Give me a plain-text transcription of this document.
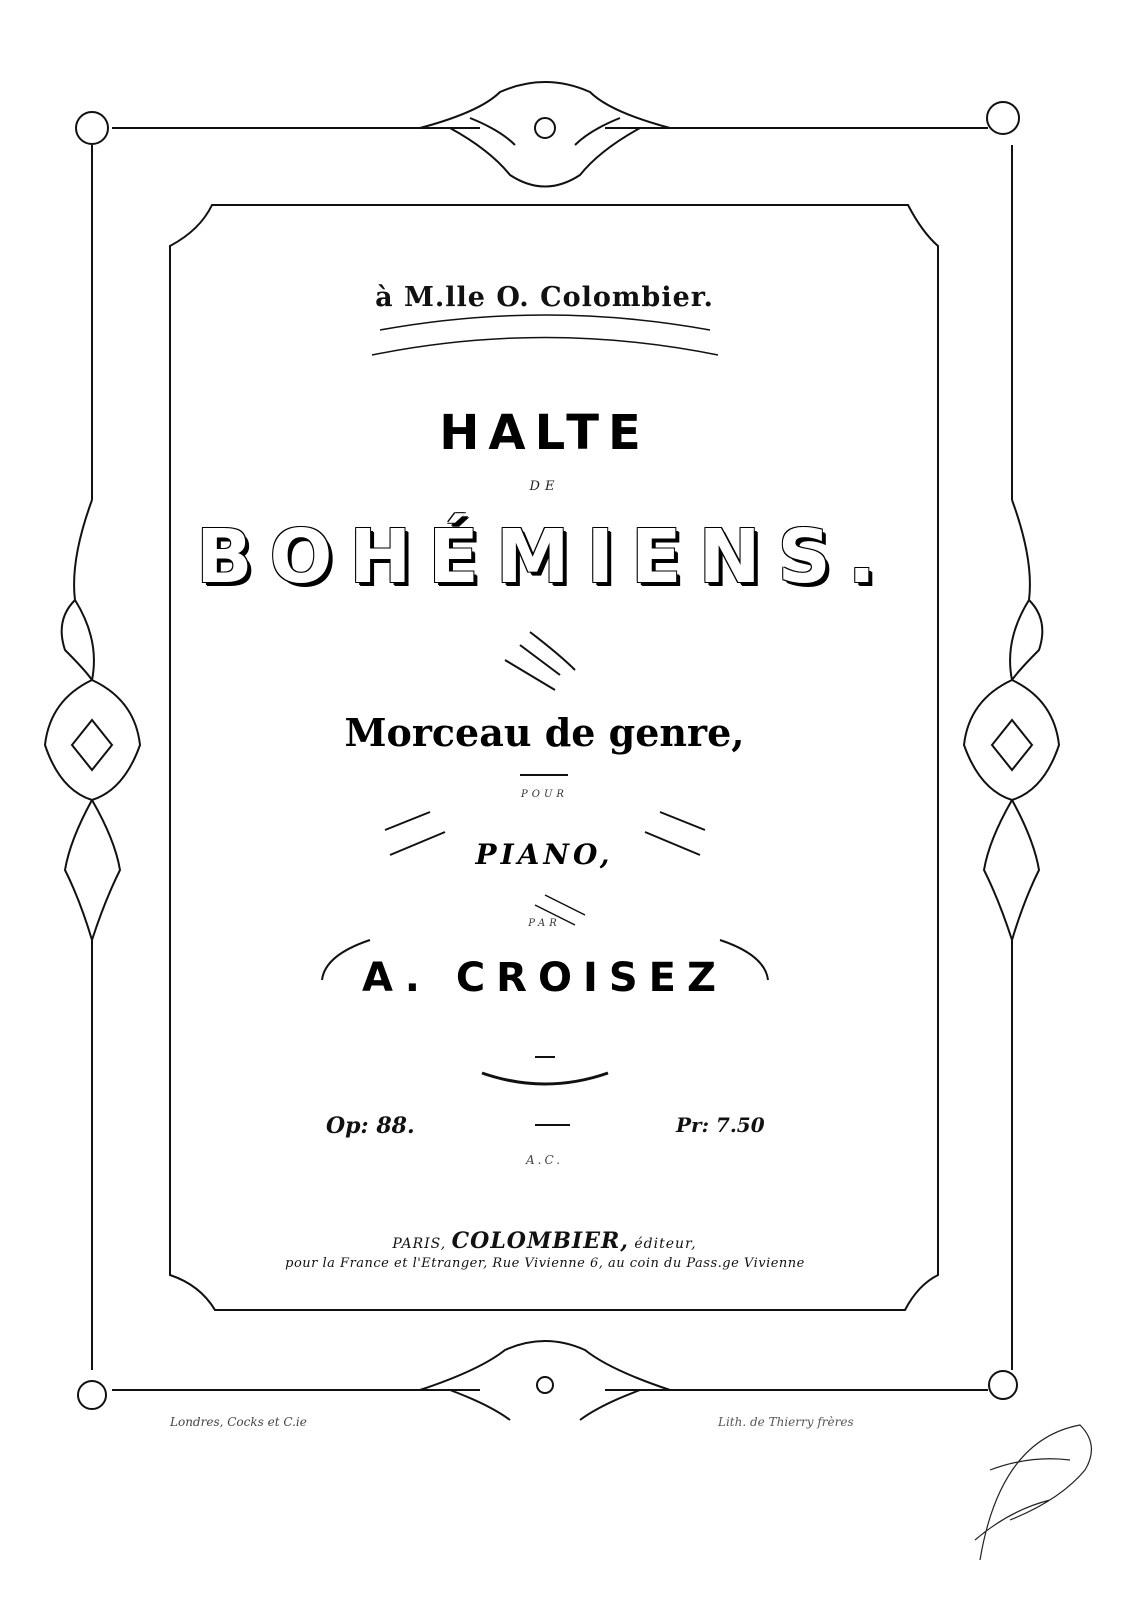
à M.lle O. Colombier.
HALTE
DE
BOHÉMIENS.
Morceau de genre,
POUR
PIANO,
PAR
A. CROISEZ
Op: 88.	Pr: 7.50
A.C.
PARIS, COLOMBIER, éditeur,
pour la France et l'Etranger, Rue Vivienne 6, au coin du Pass.ge Vivienne
Londres, Cocks et C.ie	Lith. de Thierry frères
